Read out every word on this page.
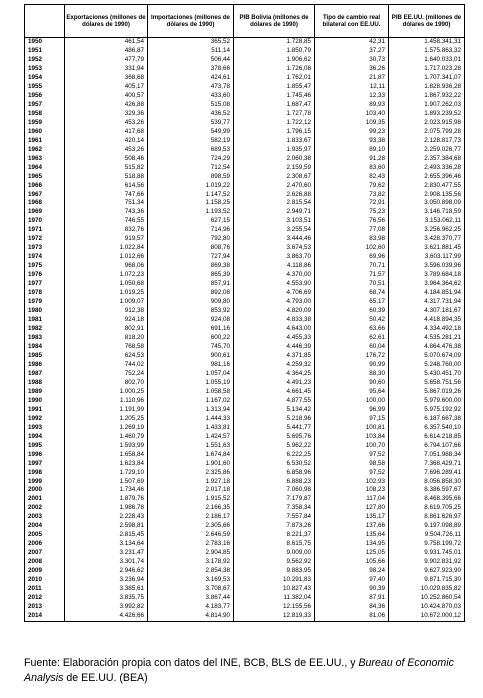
	Exportaciones (millones de dólares de 1990)	Importaciones (millones de dólares de 1990)	PIB Bolivia (millones de dólares de 1990)	Tipo de cambio real bilateral con EE.UU.	PIB EE.UU. (millones de dólares de 1990)
1950	461,54	365,52	1.728,85	42,31	1.458.341,31
1951	486,87	511,14	1.850,79	37,27	1.575.863,32
1952	477,79	506,44	1.906,62	30,73	1.640.033,01
1953	331,94	378,66	1.726,08	36,26	1.717.023,28
1954	368,68	424,61	1.762,01	21,87	1.707.341,07
1955	405,17	473,78	1.855,47	12,11	1.828.936,28
1956	400,57	433,60	1.745,46	12,33	1.867.932,22
1957	426,88	515,08	1.687,47	89,93	1.907.262,03
1958	329,36	436,52	1.727,78	103,40	1.893.239,52
1959	453,26	539,77	1.722,12	109,35	2.023.915,98
1960	417,68	549,99	1.796,15	99,23	2.075.799,28
1961	420,14	582,19	1.833,67	93,38	2.128.817,73
1962	453,26	689,53	1.935,97	89,10	2.259.026,77
1963	508,46	724,29	2.060,38	91,28	2.357.384,68
1964	515,82	712,54	2.159,59	83,60	2.493.336,28
1965	518,88	898,59	2.308,67	82,43	2.655.396,46
1966	614,56	1.019,22	2.470,60	79,62	2.830.477,55
1967	747,66	1.147,52	2.626,88	73,82	2.908.135,56
1968	751,34	1.158,25	2.815,54	72,91	3.050.898,09
1969	743,36	1.193,52	2.949,71	75,23	3.146.718,59
1970	746,55	627,15	3.103,51	76,56	3.153.062,11
1971	832,76	714,96	3.255,54	77,08	3.256.962,25
1972	919,57	792,80	3.444,46	83,98	3.428.370,77
1973	1.022,84	808,76	3.674,53	102,60	3.621.881,45
1974	1.012,66	727,94	3.863,70	69,96	3.603.117,99
1975	968,06	869,38	4.118,86	70,71	3.596.039,96
1976	1.072,23	865,39	4.370,00	71,57	3.789.684,18
1977	1.050,68	857,91	4.553,90	70,51	3.964.364,62
1978	1.019,25	892,08	4.706,69	68,74	4.184.851,94
1979	1.009,07	909,80	4.793,00	65,17	4.317.731,94
1980	912,38	853,92	4.820,09	60,39	4.307.181,67
1981	924,18	924,08	4.833,38	50,42	4.418.894,35
1982	802,91	691,16	4.643,00	63,66	4.334.492,18
1983	818,20	600,22	4.455,33	62,61	4.535.281,21
1984	768,58	745,70	4.446,39	60,04	4.864.476,38
1985	624,53	900,61	4.371,85	176,72	5.070.674,09
1986	744,02	981,16	4.259,32	90,99	5.248.760,00
1987	752,24	1.057,04	4.364,25	88,30	5.430.451,70
1988	802,70	1.055,19	4.491,23	90,60	5.658.751,56
1989	1.000,25	1.058,58	4.661,45	95,64	5.867.019,26
1990	1.110,96	1.167,02	4.877,55	100,00	5.979.600,00
1991	1.191,99	1.313,94	5.134,42	96,99	5.975.192,92
1992	1.205,25	1.444,33	5.218,96	97,15	6.187.667,38
1993	1.269,19	1.433,81	5.441,77	100,81	6.357.540,10
1994	1.460,79	1.424,57	5.695,76	103,84	6.614.218,85
1995	1.593,99	1.551,63	5.962,22	100,70	6.794.107,66
1996	1.658,84	1.674,84	6.222,25	97,52	7.051.988,34
1997	1.623,84	1.901,60	6.530,52	98,58	7.368.429,71
1998	1.729,10	2.325,86	6.858,96	97,52	7.696.289,41
1999	1.507,69	1.927,18	6.888,23	102,93	8.056.858,30
2000	1.734,46	2.017,18	7.060,98	108,23	8.386.597,67
2001	1.879,76	1.915,52	7.179,87	117,04	8.468.395,66
2002	1.986,78	2.166,35	7.358,34	127,80	8.619.705,25
2003	2.228,43	2.186,17	7.557,84	135,17	8.861.626,97
2004	2.598,81	2.305,66	7.873,26	137,66	9.197.098,89
2005	2.815,45	2.646,59	8.221,37	135,64	9.504.726,11
2006	3.134,64	2.783,16	8.615,75	134,95	9.758.199,72
2007	3.231,47	2.904,85	9.009,00	125,05	9.931.745,01
2008	3.301,74	3.178,92	9.562,92	105,66	9.902.831,92
2009	2.946,62	2.854,38	9.883,95	98,24	9.627.923,90
2010	3.236,94	3.169,53	10.291,83	97,40	9.871.715,30
2011	3.385,61	3.708,67	10.827,43	90,39	10.029.835,82
2012	3.835,75	3.867,44	11.382,04	87,91	10.252.860,54
2013	3.992,82	4.183,77	12.155,56	84,36	10.424.870,03
2014	4.426,66	4.814,90	12.819,33	81,06	10.672.000,12
Fuente: Elaboración propia con datos del INE, BCB, BLS de EE.UU., y Bureau of Economic Analysis de EE.UU. (BEA)
